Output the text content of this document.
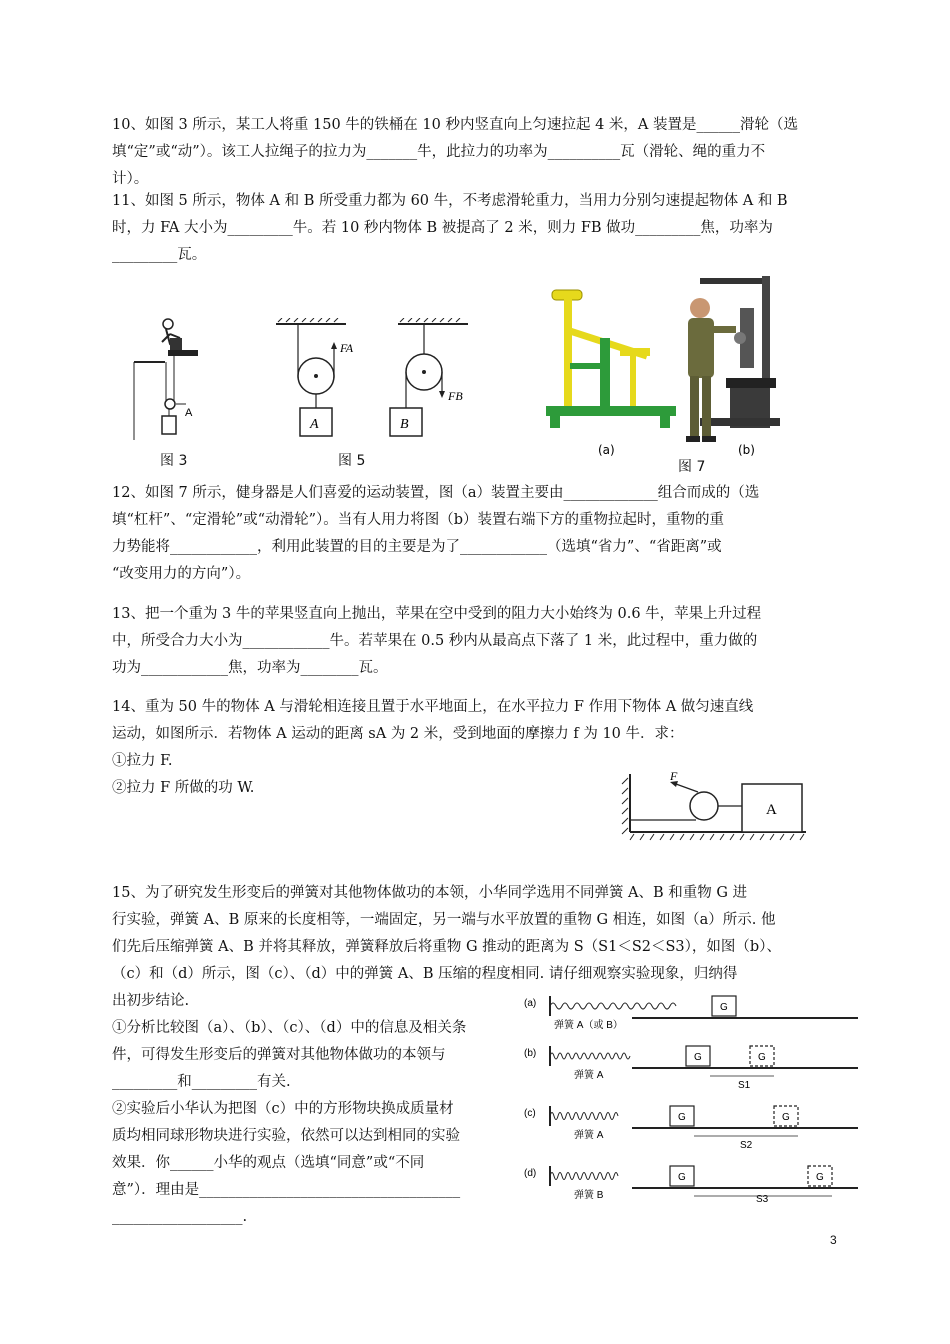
10、如图 3 所示，某工人将重 150 牛的铁桶在 10 秒内竖直向上匀速拉起 4 米，A 装置是______滑轮（选

填“定”或“动”）。该工人拉绳子的拉力为_______牛，此拉力的功率为__________瓦（滑轮、绳的重力不

计）。

11、如图 5 所示，物体 A 和 B 所受重力都为 60 牛，不考虑滑轮重力，当用力分别匀速提起物体 A 和 B

时，力 FA 大小为_________牛。若 10 秒内物体 B 被提高了 2 米，则力 FB 做功_________焦，功率为

_________瓦。

A
图 3
FA
A
FB
B
图 5
(a)	(b)
图 7

12、如图 7 所示，健身器是人们喜爱的运动装置，图（a）装置主要由_____________组合而成的（选

填“杠杆”、“定滑轮”或“动滑轮”）。当有人用力将图（b）装置右端下方的重物拉起时，重物的重

力势能将____________，利用此装置的目的主要是为了____________（选填“省力”、“省距离”或

“改变用力的方向”）。

13、把一个重为 3 牛的苹果竖直向上抛出，苹果在空中受到的阻力大小始终为 0.6 牛，苹果上升过程

中，所受合力大小为____________牛。若苹果在 0.5 秒内从最高点下落了 1 米，此过程中，重力做的

功为____________焦，功率为________瓦。

14、重为 50 牛的物体 A 与滑轮相连接且置于水平地面上，在水平拉力 F 作用下物体 A 做匀速直线

运动，如图所示．若物体 A 运动的距离 sA 为 2 米，受到地面的摩擦力 f 为 10 牛．求：

①拉力 F.

②拉力 F 所做的功 W.

F
A

15、为了研究发生形变后的弹簧对其他物体做功的本领，小华同学选用不同弹簧 A、B 和重物 G 进

行实验，弹簧 A、B 原来的长度相等，一端固定，另一端与水平放置的重物 G 相连，如图（a）所示. 他

们先后压缩弹簧 A、B 并将其释放，弹簧释放后将重物 G 推动的距离为 S（S1＜S2＜S3），如图（b）、

（c）和（d）所示，图（c）、（d）中的弹簧 A、B 压缩的程度相同. 请仔细观察实验现象，归纳得

出初步结论.

①分析比较图（a）、（b）、（c）、（d）中的信息及相关条

件，可得发生形变后的弹簧对其他物体做功的本领与

_________和_________有关.

②实验后小华认为把图（c）中的方形物块换成质量材

质均相同球形物块进行实验，依然可以达到相同的实验

效果．你______小华的观点（选填“同意”或“不同

意”）．理由是____________________________________

__________________.

(a)	G
弹簧 A（或 B）
(b)	G	G
弹簧 A
S1
(c)	G	G
弹簧 A
S2
(d)	G	G
弹簧 B	S3
3
